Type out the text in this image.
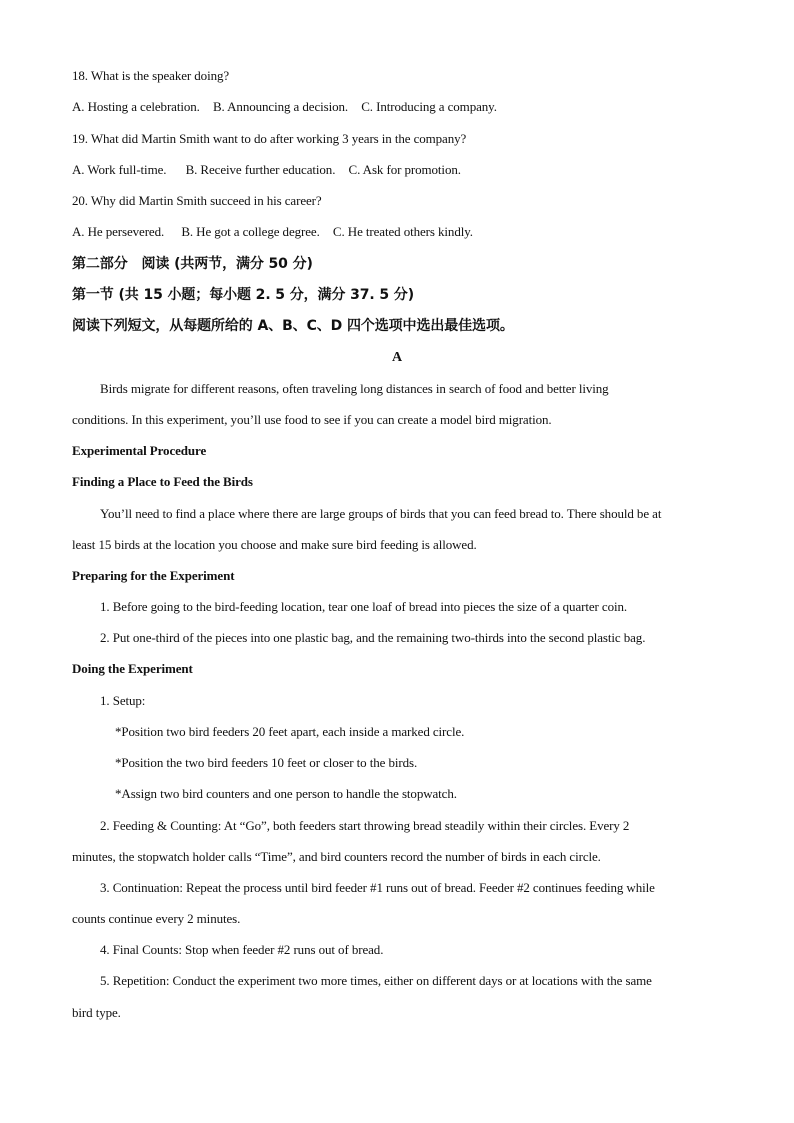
18. What is the speaker doing?
A. Hosting a celebration. B. Announcing a decision. C. Introducing a company.
19. What did Martin Smith want to do after working 3 years in the company?
A. Work full-time. B. Receive further education. C. Ask for promotion.
20. Why did Martin Smith succeed in his career?
A. He persevered. B. He got a college degree. C. He treated others kindly.
第二部分　阅读 (共两节，满分 50 分)
第一节 (共 15 小题；每小题 2. 5 分，满分 37. 5 分)
阅读下列短文，从每题所给的 A、B、C、D 四个选项中选出最佳选项。
A
Birds migrate for different reasons, often traveling long distances in search of food and better living
conditions. In this experiment, you’ll use food to see if you can create a model bird migration.
Experimental Procedure
Finding a Place to Feed the Birds
You’ll need to find a place where there are large groups of birds that you can feed bread to. There should be at
least 15 birds at the location you choose and make sure bird feeding is allowed.
Preparing for the Experiment
1. Before going to the bird-feeding location, tear one loaf of bread into pieces the size of a quarter coin.
2. Put one-third of the pieces into one plastic bag, and the remaining two-thirds into the second plastic bag.
Doing the Experiment
1. Setup:
*Position two bird feeders 20 feet apart, each inside a marked circle.
*Position the two bird feeders 10 feet or closer to the birds.
*Assign two bird counters and one person to handle the stopwatch.
2. Feeding & Counting: At “Go”, both feeders start throwing bread steadily within their circles. Every 2
minutes, the stopwatch holder calls “Time”, and bird counters record the number of birds in each circle.
3. Continuation: Repeat the process until bird feeder #1 runs out of bread. Feeder #2 continues feeding while
counts continue every 2 minutes.
4. Final Counts: Stop when feeder #2 runs out of bread.
5. Repetition: Conduct the experiment two more times, either on different days or at locations with the same
bird type.
